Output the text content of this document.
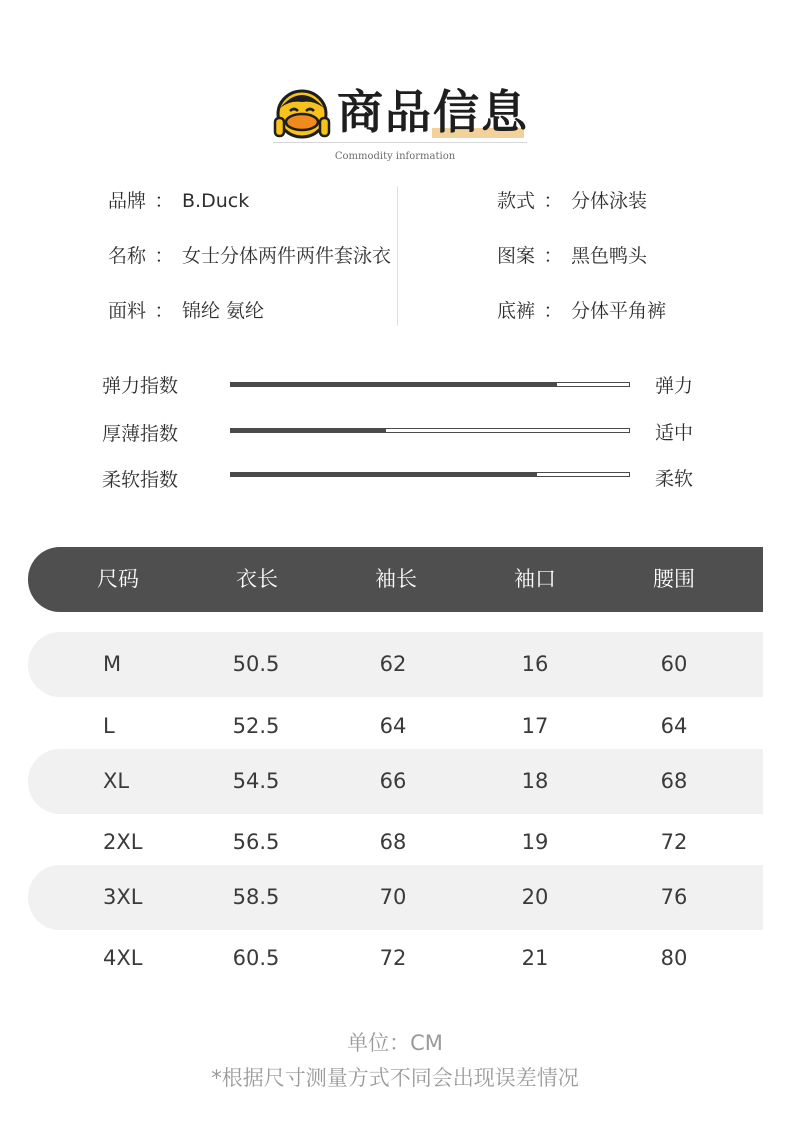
商品信息
Commodity information
品牌 ： B.Duck
名称 ： 女士分体两件两件套泳衣
面料 ： 锦纶 氨纶
款式 ： 分体泳装
图案 ： 黑色鸭头
底裤 ： 分体平角裤
弹力指数	弹力
厚薄指数	适中
柔软指数	柔软
尺码	衣长	袖长	袖口	腰围
M	50.5	62	16	60
L	52.5	64	17	64
XL	54.5	66	18	68
2XL	56.5	68	19	72
3XL	58.5	70	20	76
4XL	60.5	72	21	80
单位：CM
*根据尺寸测量方式不同会出现误差情况
